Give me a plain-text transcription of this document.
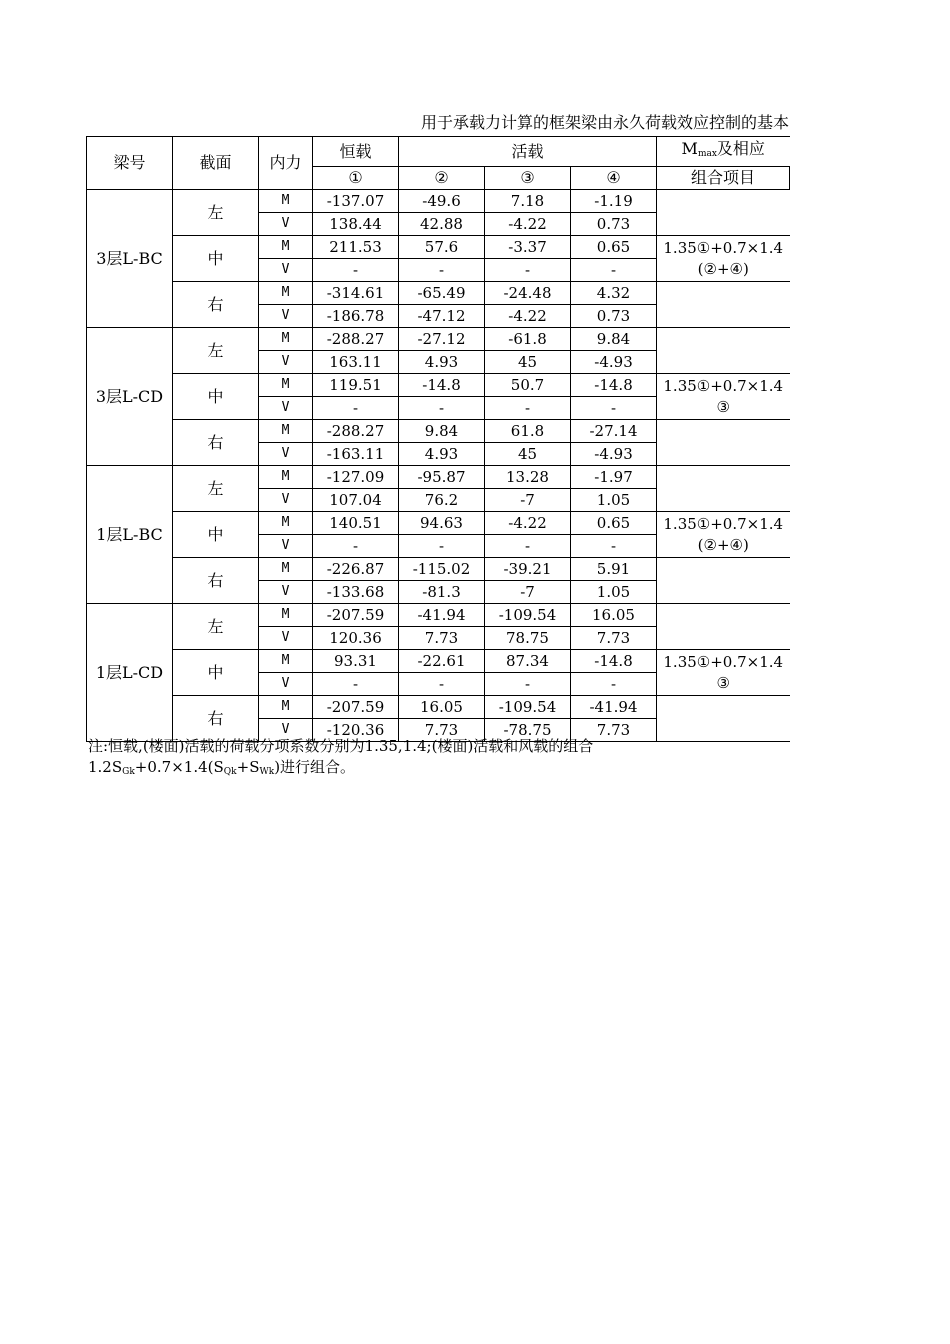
用于承载力计算的框架梁由永久荷载效应控制的基本
梁号	截面	内力	恒载	活载			$M_{max}$及相应
			①	②	③	④	组合项目
3层L-BC	左	M	-137.07	-49.6	7.18	-1.19	
		V	138.44	42.88	-4.22	0.73	
	中	M	211.53	57.6	-3.37	0.65	1.35①+0.7×1.4(②+④)
		V	-	-	-	-	
	右	M	-314.61	-65.49	-24.48	4.32	
		V	-186.78	-47.12	-4.22	0.73	
3层L-CD	左	M	-288.27	-27.12	-61.8	9.84	
		V	163.11	4.93	45	-4.93	
	中	M	119.51	-14.8	50.7	-14.8	1.35①+0.7×1.4③
		V	-	-	-	-	
	右	M	-288.27	9.84	61.8	-27.14	
		V	-163.11	4.93	45	-4.93	
1层L-BC	左	M	-127.09	-95.87	13.28	-1.97	
		V	107.04	76.2	-7	1.05	
	中	M	140.51	94.63	-4.22	0.65	1.35①+0.7×1.4(②+④)
		V	-	-	-	-	
	右	M	-226.87	-115.02	-39.21	5.91	
		V	-133.68	-81.3	-7	1.05	
1层L-CD	左	M	-207.59	-41.94	-109.54	16.05	
		V	120.36	7.73	78.75	7.73	
	中	M	93.31	-22.61	87.34	-14.8	1.35①+0.7×1.4③
		V	-	-	-	-	
	右	M	-207.59	16.05	-109.54	-41.94	
		V	-120.36	7.73	-78.75	7.73	
注:恒载,(楼面)活载的荷载分项系数分别为1.35,1.4;(楼面)活载和风载的组合
$1.2S_{Gk}+0.7\times 1.4(S_{Qk}+S_{Wk})$进行组合。
